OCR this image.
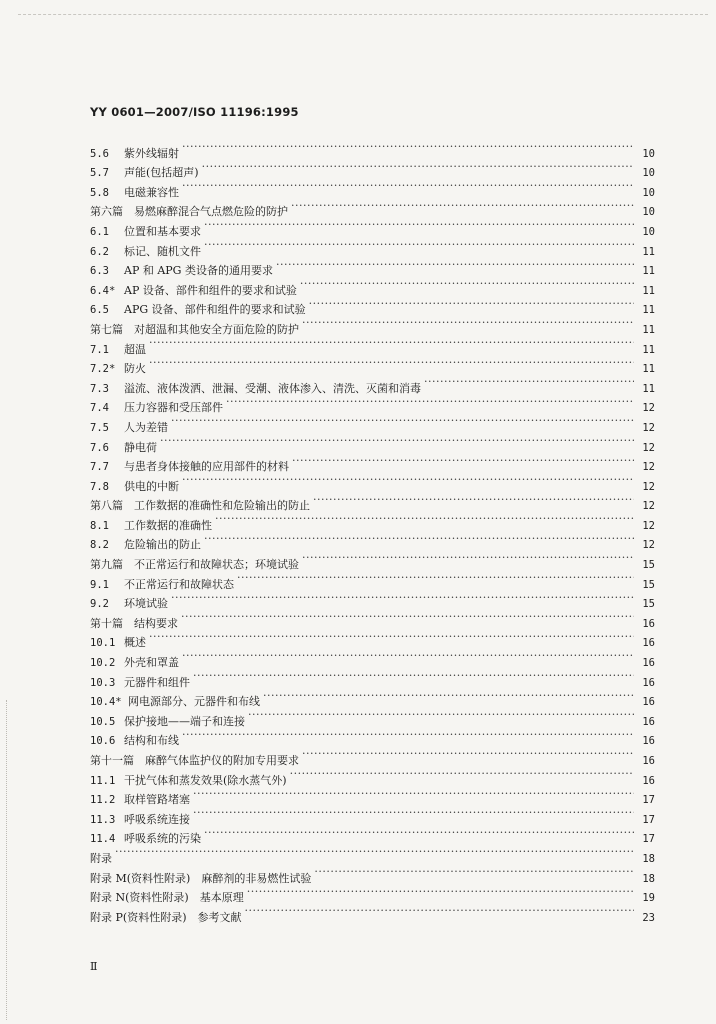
YY 0601—2007/ISO 11196:1995
5.6	紫外线辐射 ·····	10
5.7	声能(包括超声) ·····	10
5.8	电磁兼容性 ·····	10
第六篇　易燃麻醉混合气点燃危险的防护 ·····	10
6.1	位置和基本要求 ·····	10
6.2	标记、随机文件 ·····	11
6.3	AP 和 APG 类设备的通用要求 ·····	11
6.4* AP 设备、部件和组件的要求和试验 ·····	11
6.5	APG 设备、部件和组件的要求和试验 ·····	11
第七篇　对超温和其他安全方面危险的防护 ·····	11
7.1	超温 ·····	11
7.2* 防火 ·····	11
7.3	溢流、液体泼洒、泄漏、受潮、液体渗入、清洗、灭菌和消毒 ·····	11
7.4	压力容器和受压部件 ·····	12
7.5	人为差错 ·····	12
7.6	静电荷 ·····	12
7.7	与患者身体接触的应用部件的材料 ·····	12
7.8	供电的中断 ·····	12
第八篇　工作数据的准确性和危险输出的防止 ·····	12
8.1	工作数据的准确性 ·····	12
8.2	危险输出的防止 ·····	12
第九篇　不正常运行和故障状态；环境试验 ·····	15
9.1	不正常运行和故障状态 ·····	15
9.2	环境试验 ·····	15
第十篇　结构要求 ·····	16
10.1 概述 ·····	16
10.2 外壳和罩盖 ·····	16
10.3 元器件和组件 ·····	16
10.4* 网电源部分、元器件和布线 ·····	16
10.5 保护接地——端子和连接 ·····	16
10.6 结构和布线 ·····	16
第十一篇　麻醉气体监护仪的附加专用要求 ·····	16
11.1 干扰气体和蒸发效果(除水蒸气外) ·····	16
11.2 取样管路堵塞 ·····	17
11.3 呼吸系统连接 ·····	17
11.4 呼吸系统的污染 ·····	17
附录 ·····	18
附录 M(资料性附录)　麻醉剂的非易燃性试验 ·····	18
附录 N(资料性附录)　基本原理 ·····	19
附录 P(资料性附录)　参考文献 ·····	23
Ⅱ
